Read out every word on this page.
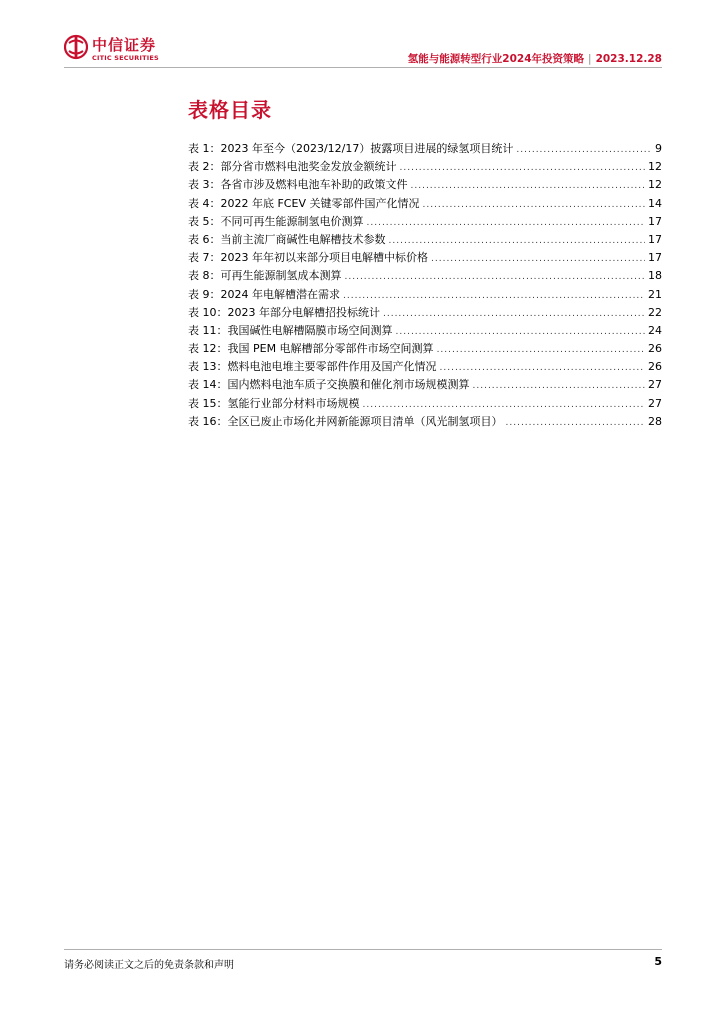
中信证券
CITIC SECURITIES	氢能与能源转型行业2024年投资策略 | 2023.12.28
表格目录
表 1：2023 年至今（2023/12/17）披露项目进展的绿氢项目统计 .....	9
表 2：部分省市燃料电池奖金发放金额统计 .....	12
表 3：各省市涉及燃料电池车补助的政策文件 .....	12
表 4：2022 年底 FCEV 关键零部件国产化情况 .....	14
表 5：不同可再生能源制氢电价测算 .....	17
表 6：当前主流厂商碱性电解槽技术参数 .....	17
表 7：2023 年年初以来部分项目电解槽中标价格 .....	17
表 8：可再生能源制氢成本测算 .....	18
表 9：2024 年电解槽潜在需求 .....	21
表 10：2023 年部分电解槽招投标统计 .....	22
表 11：我国碱性电解槽隔膜市场空间测算 .....	24
表 12：我国 PEM 电解槽部分零部件市场空间测算 .....	26
表 13：燃料电池电堆主要零部件作用及国产化情况 .....	26
表 14：国内燃料电池车质子交换膜和催化剂市场规模测算 .....	27
表 15：氢能行业部分材料市场规模 .....	27
表 16：全区已废止市场化并网新能源项目清单（风光制氢项目） .....	28
请务必阅读正文之后的免责条款和声明	5
